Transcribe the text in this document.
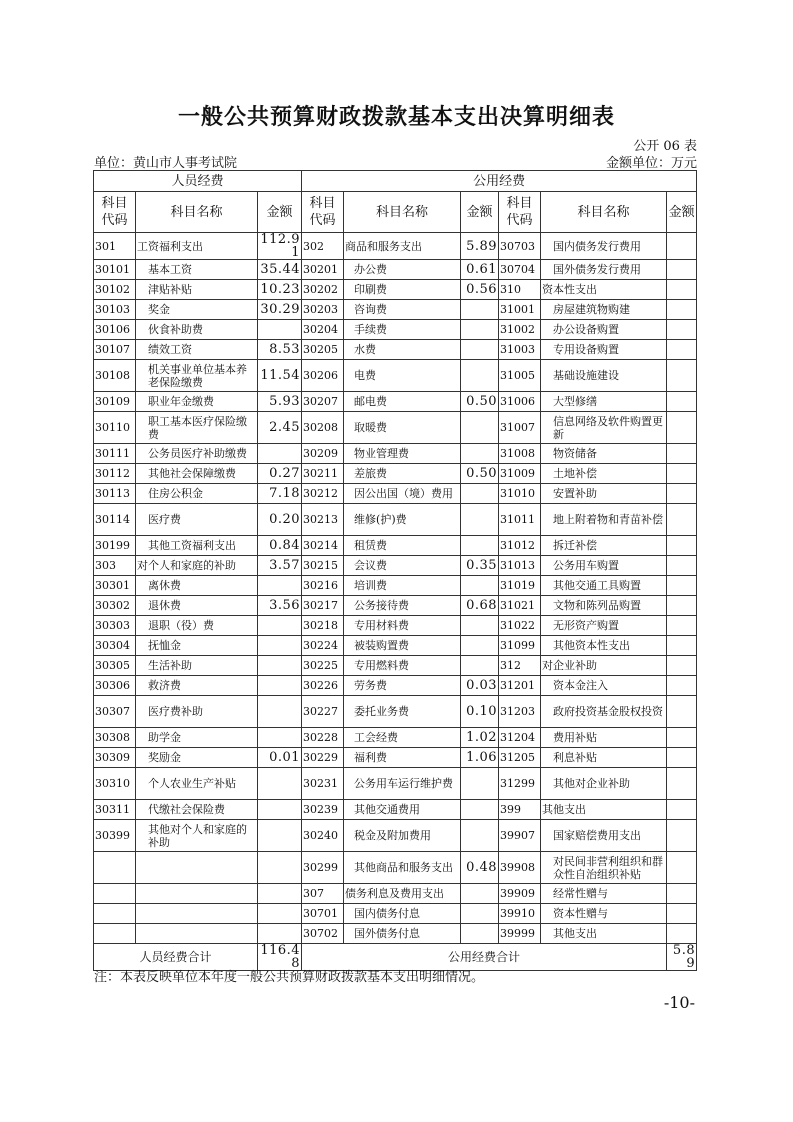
一般公共预算财政拨款基本支出决算明细表
公开 06 表
单位：黄山市人事考试院	金额单位：万元
人员经费			公用经费					
科目
代码	科目名称	金额	科目
代码	科目名称	金额	科目
代码	科目名称	金额
301	工资福利支出	112.91	302	商品和服务支出	5.89	30703	国内债务发行费用	
30101	基本工资	35.44	30201	办公费	0.61	30704	国外债务发行费用	
30102	津贴补贴	10.23	30202	印刷费	0.56	310	资本性支出	
30103	奖金	30.29	30203	咨询费		31001	房屋建筑物购建	
30106	伙食补助费		30204	手续费		31002	办公设备购置	
30107	绩效工资	8.53	30205	水费		31003	专用设备购置	
30108	机关事业单位基本养老保险缴费	11.54	30206	电费		31005	基础设施建设	
30109	职业年金缴费	5.93	30207	邮电费	0.50	31006	大型修缮	
30110	职工基本医疗保险缴费	2.45	30208	取暖费		31007	信息网络及软件购置更新	
30111	公务员医疗补助缴费		30209	物业管理费		31008	物资储备	
30112	其他社会保障缴费	0.27	30211	差旅费	0.50	31009	土地补偿	
30113	住房公积金	7.18	30212	因公出国（境）费用		31010	安置补助	
30114	医疗费	0.20	30213	维修(护)费		31011	地上附着物和青苗补偿	
30199	其他工资福利支出	0.84	30214	租赁费		31012	拆迁补偿	
303	对个人和家庭的补助	3.57	30215	会议费	0.35	31013	公务用车购置	
30301	离休费		30216	培训费		31019	其他交通工具购置	
30302	退休费	3.56	30217	公务接待费	0.68	31021	文物和陈列品购置	
30303	退职（役）费		30218	专用材料费		31022	无形资产购置	
30304	抚恤金		30224	被装购置费		31099	其他资本性支出	
30305	生活补助		30225	专用燃料费		312	对企业补助	
30306	救济费		30226	劳务费	0.03	31201	资本金注入	
30307	医疗费补助		30227	委托业务费	0.10	31203	政府投资基金股权投资	
30308	助学金		30228	工会经费	1.02	31204	费用补贴	
30309	奖励金	0.01	30229	福利费	1.06	31205	利息补贴	
30310	个人农业生产补贴		30231	公务用车运行维护费		31299	其他对企业补助	
30311	代缴社会保险费		30239	其他交通费用		399	其他支出	
30399	其他对个人和家庭的补助		30240	税金及附加费用		39907	国家赔偿费用支出	
			30299	其他商品和服务支出	0.48	39908	对民间非营利组织和群众性自治组织补贴	
			307	债务利息及费用支出		39909	经常性赠与	
			30701	国内债务付息		39910	资本性赠与	
			30702	国外债务付息		39999	其他支出	
人员经费合计		116.48	公用经费合计					5.89
注：本表反映单位本年度一般公共预算财政拨款基本支出明细情况。
-10-
